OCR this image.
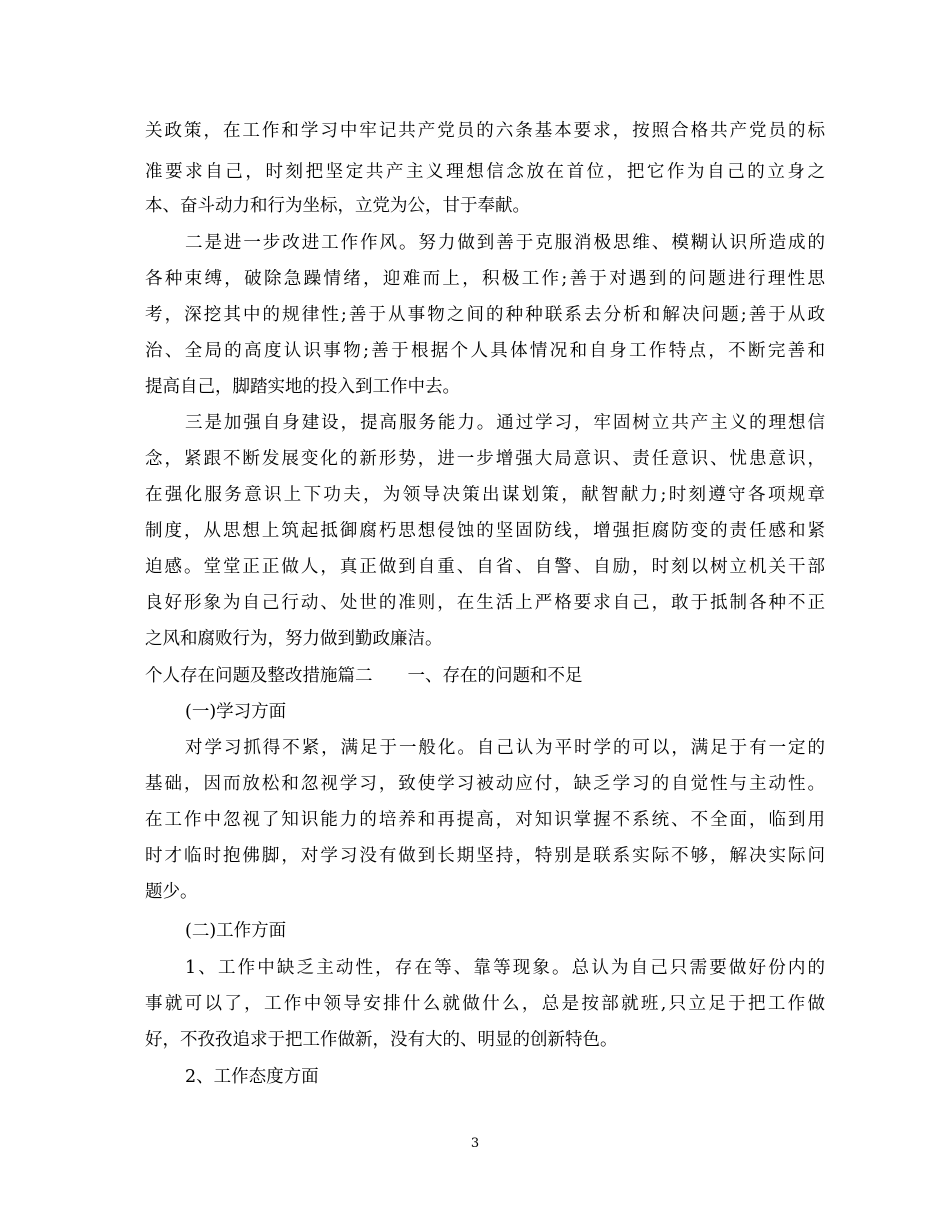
关政策，在工作和学习中牢记共产党员的六条基本要求，按照合格共产党员的标
准要求自己，时刻把坚定共产主义理想信念放在首位，把它作为自己的立身之
本、奋斗动力和行为坐标，立党为公，甘于奉献。
二是进一步改进工作作风。努力做到善于克服消极思维、模糊认识所造成的
各种束缚，破除急躁情绪，迎难而上，积极工作;善于对遇到的问题进行理性思
考，深挖其中的规律性;善于从事物之间的种种联系去分析和解决问题;善于从政
治、全局的高度认识事物;善于根据个人具体情况和自身工作特点，不断完善和
提高自己，脚踏实地的投入到工作中去。
三是加强自身建设，提高服务能力。通过学习，牢固树立共产主义的理想信
念，紧跟不断发展变化的新形势，进一步增强大局意识、责任意识、忧患意识，
在强化服务意识上下功夫，为领导决策出谋划策，献智献力;时刻遵守各项规章
制度，从思想上筑起抵御腐朽思想侵蚀的坚固防线，增强拒腐防变的责任感和紧
迫感。堂堂正正做人，真正做到自重、自省、自警、自励，时刻以树立机关干部
良好形象为自己行动、处世的准则，在生活上严格要求自己，敢于抵制各种不正
之风和腐败行为，努力做到勤政廉洁。
个人存在问题及整改措施篇二　　一、存在的问题和不足
(一)学习方面
对学习抓得不紧，满足于一般化。自己认为平时学的可以，满足于有一定的
基础，因而放松和忽视学习，致使学习被动应付，缺乏学习的自觉性与主动性。
在工作中忽视了知识能力的培养和再提高，对知识掌握不系统、不全面，临到用
时才临时抱佛脚，对学习没有做到长期坚持，特别是联系实际不够，解决实际问
题少。
(二)工作方面
1、工作中缺乏主动性，存在等、靠等现象。总认为自己只需要做好份内的
事就可以了，工作中领导安排什么就做什么，总是按部就班,只立足于把工作做
好，不孜孜追求于把工作做新，没有大的、明显的创新特色。
2、工作态度方面
3
